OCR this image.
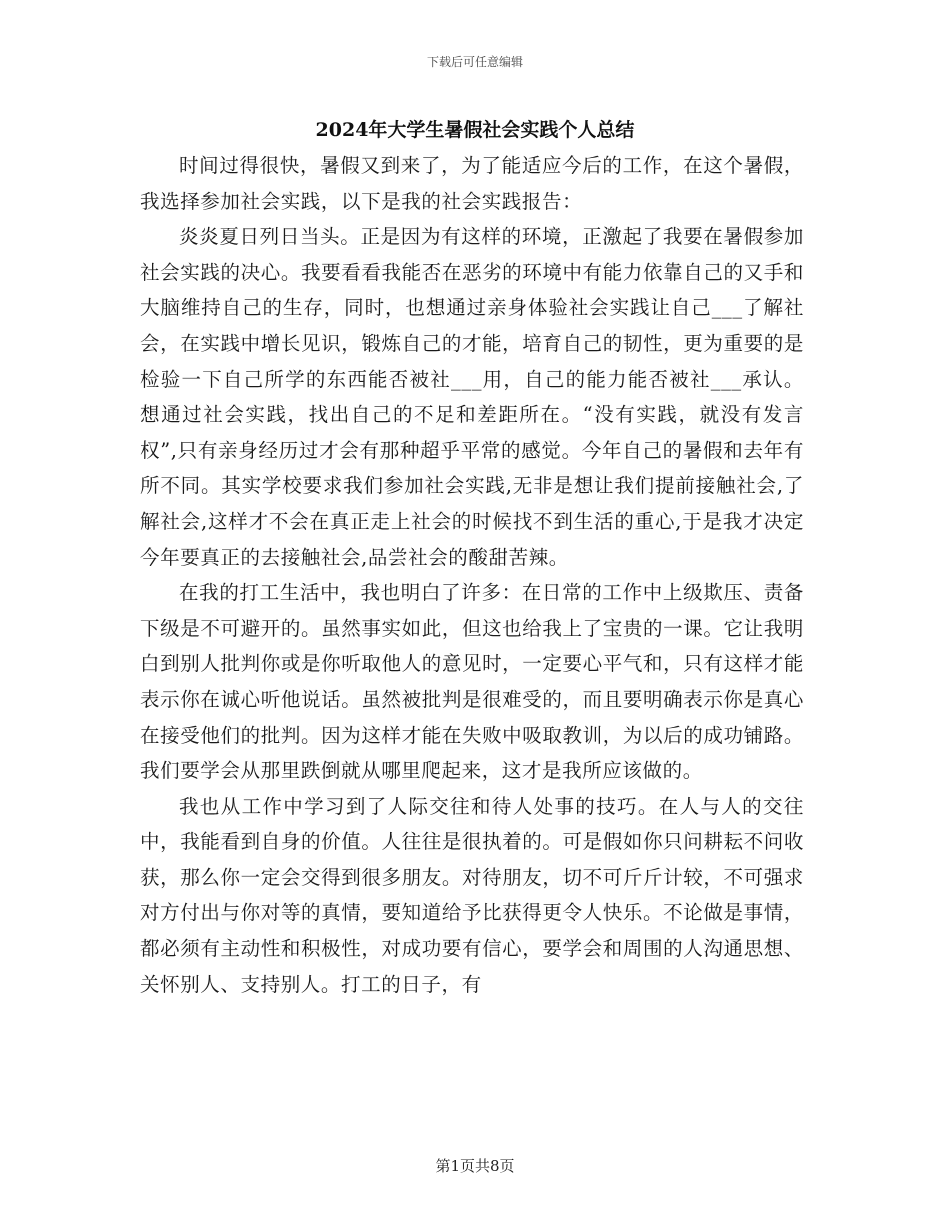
下载后可任意编辑
2024年大学生暑假社会实践个人总结

时间过得很快，暑假又到来了，为了能适应今后的工作，在这个暑假，我选择参加社会实践，以下是我的社会实践报告：

炎炎夏日列日当头。正是因为有这样的环境，正激起了我要在暑假参加社会实践的决心。我要看看我能否在恶劣的环境中有能力依靠自己的又手和大脑维持自己的生存，同时，也想通过亲身体验社会实践让自己___了解社会，在实践中增长见识，锻炼自己的才能，培育自己的韧性，更为重要的是检验一下自己所学的东西能否被社___用，自己的能力能否被社___承认。想通过社会实践，找出自己的不足和差距所在。“没有实践，就没有发言权”,只有亲身经历过才会有那种超乎平常的感觉。今年自己的暑假和去年有所不同。其实学校要求我们参加社会实践,无非是想让我们提前接触社会,了解社会,这样才不会在真正走上社会的时候找不到生活的重心,于是我才决定今年要真正的去接触社会,品尝社会的酸甜苦辣。

在我的打工生活中，我也明白了许多：在日常的工作中上级欺压、责备下级是不可避开的。虽然事实如此，但这也给我上了宝贵的一课。它让我明白到别人批判你或是你听取他人的意见时，一定要心平气和，只有这样才能表示你在诚心听他说话。虽然被批判是很难受的，而且要明确表示你是真心在接受他们的批判。因为这样才能在失败中吸取教训，为以后的成功铺路。我们要学会从那里跌倒就从哪里爬起来，这才是我所应该做的。

我也从工作中学习到了人际交往和待人处事的技巧。在人与人的交往中，我能看到自身的价值。人往往是很执着的。可是假如你只问耕耘不问收获，那么你一定会交得到很多朋友。对待朋友，切不可斤斤计较，不可强求对方付出与你对等的真情，要知道给予比获得更令人快乐。不论做是事情，都必须有主动性和积极性，对成功要有信心，要学会和周围的人沟通思想、关怀别人、支持别人。打工的日子，有

第1页共8页
